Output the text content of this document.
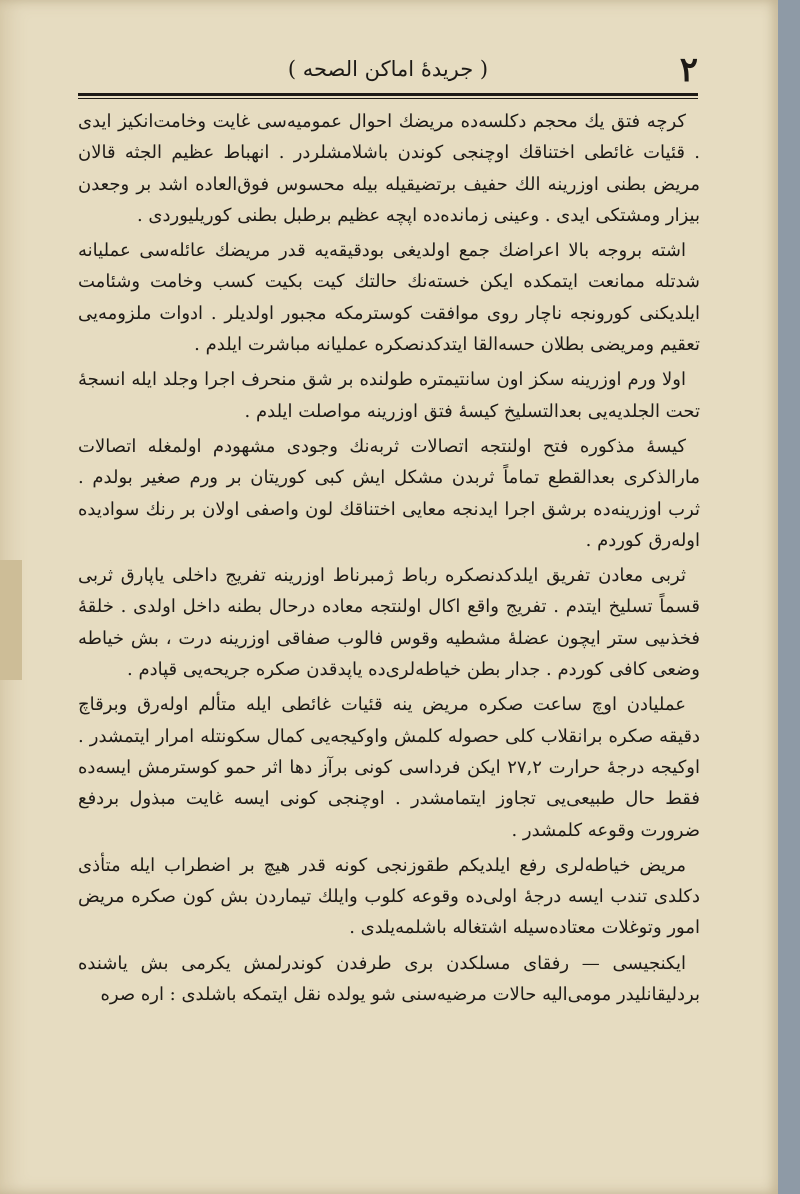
٢
( جريدهٔ اماكن الصحه )

كرچه فتق يك محجم دكلسه‌ده مريضك احوال عموميه‌سى غايت وخامت‌انكيز ايدى . قئيات غائطى اختناقك اوچنجى كوندن باشلامشلردر . انهباط عظيم الجثه قالان مريض بطنى اوزرينه الك حفيف برتضيقيله بيله محسوس فوق‌العاده اشد بر وجعدن بيزار ومشتكى ايدى . وعينى زمانده‌ده اپچه عظيم برطبل بطنى كوريليوردى .

اشته بروجه بالا اعراضك جمع اولديغى بودقيقه‌يه قدر مريضك عائله‌سى عمليانه شدتله ممانعت ايتمكده ايكن خسته‌نك حالتك كيت بكيت كسب وخامت وشئامت ايلديكنى كورونجه ناچار روى موافقت كوسترمكه مجبور اولديلر . ادوات ملزومه‌يى تعقيم ومريضى بطلان حسه‌القا ايتدكدنصكره عمليانه مباشرت ايلدم .

اولا ورم اوزرينه سكز اون سانتيمتره طولنده بر شق منحرف اجرا وجلد ايله انسجهٔ تحت الجلديه‌يى بعدالتسليخ كيسهٔ فتق اوزرينه مواصلت ايلدم .

كيسهٔ مذكوره فتح اولنتجه اتصالات ثربه‌نك وجودى مشهودم اولمغله اتصالات مارالذكرى بعدالقطع تماماً ثربدن مشكل ايش كبى كوريتان بر ورم صغير بولدم . ثرب اوزرينه‌ده برشق اجرا ايدنجه معايى اختناقك لون واصفى اولان بر رنك سواديده اوله‌رق كوردم .

ثربى معادن تفريق ايلدكدنصكره رباط ژمبرناط اوزرينه تفريج داخلى ياپارق ثربى قسماً تسليخ ايتدم . تفريج واقع اكال اولنتجه معاده درحال بطنه داخل اولدى . خلقهٔ فخذىيى ستر ايچون عضلهٔ مشطيه وقوس فالوب صفاقى اوزرينه درت ، بش خياطه وضعى كافى كوردم . جدار بطن خياطه‌لرى‌ده ياپدقدن صكره جريحه‌يى قپادم .

عمليادن اوچ ساعت صكره مريض ينه قئيات غائطى ايله متألم اوله‌رق وبرقاچ دقيقه صكره برانقلاب كلى حصوله كلمش واوكيجه‌يى كمال سكونتله امرار ايتمشدر . اوكيجه درجهٔ حرارت ٢٧,٢ ايكن فرداسى كونى برآز دها اثر حمو كوسترمش ايسه‌ده فقط حال طبيعى‌يى تجاوز ايتمامشدر . اوچنجى كونى ايسه غايت مبذول بردفع ضرورت وقوعه كلمشدر .

مريض خياطه‌لرى رفع ايلديكم طقوزنجى كونه قدر هيچ بر اضطراب ايله متأذى دكلدى تندب ايسه درجهٔ اولى‌ده وقوعه كلوب وايلك تيماردن بش كون صكره مريض امور وتوغلات معتاده‌سيله اشتغاله باشلمه‌يلدى .

ايكنجيسى — رفقاى مسلكدن برى طرفدن كوندرلمش يكرمى بش ياشنده بردليقانليدر مومى‌اليه حالات مرضيه‌سنى شو يولده نقل ايتمكه باشلدى : اره صره
